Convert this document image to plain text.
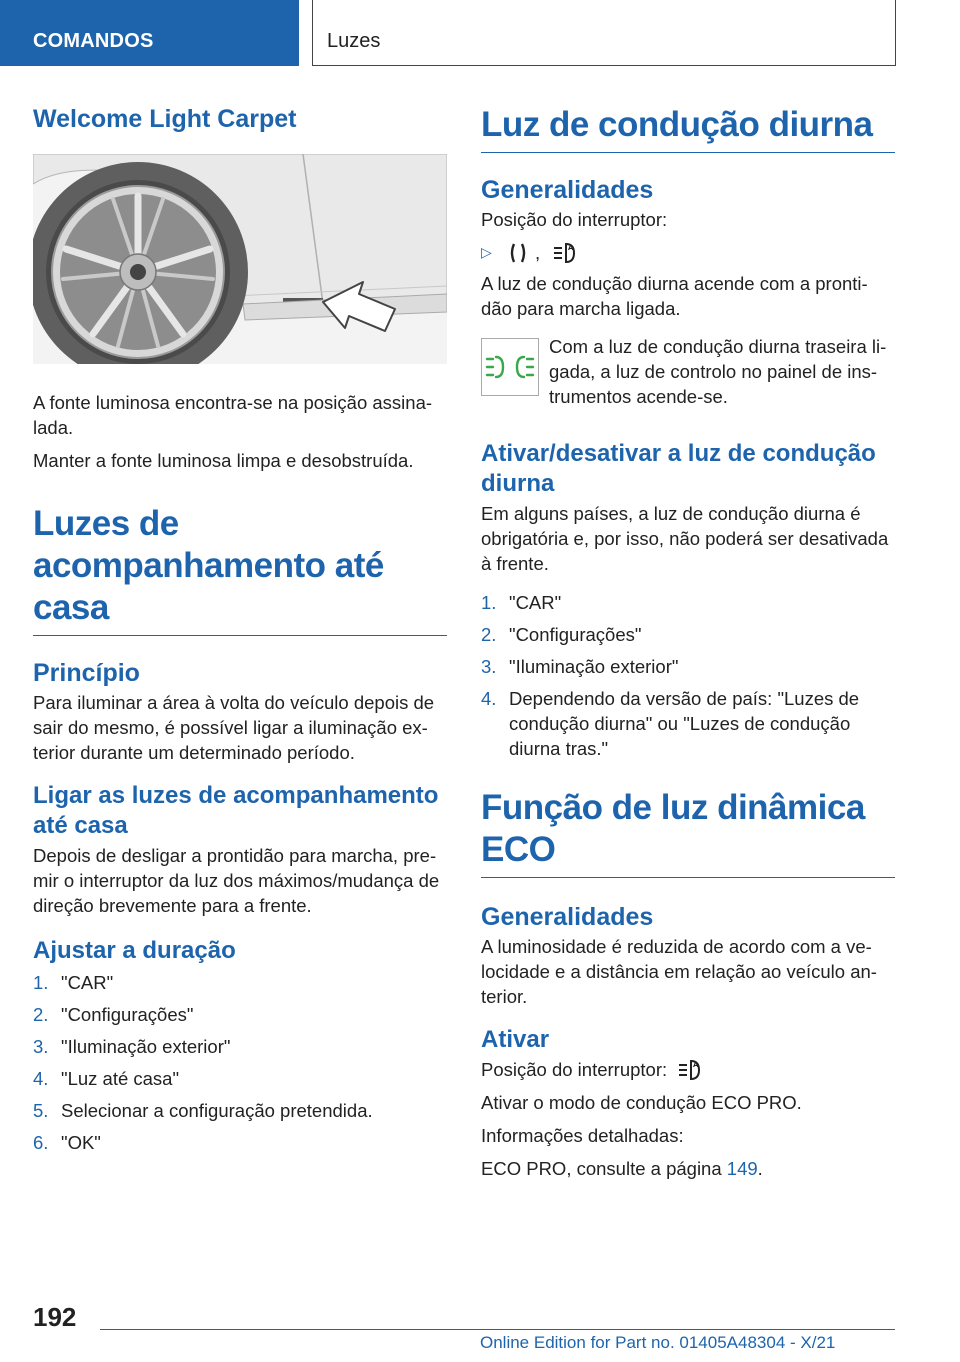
COMANDOS	Luzes
Welcome Light Carpet

A fonte luminosa encontra-se na posição assina-lada.

Manter a fonte luminosa limpa e desobstruída.

Luzes de acompanhamento até casa
Princípio

Para iluminar a área à volta do veículo depois de sair do mesmo, é possível ligar a iluminação ex-terior durante um determinado período.

Ligar as luzes de acompanhamento até casa

Depois de desligar a prontidão para marcha, pre-mir o interruptor da luz dos máximos/mudança de direção brevemente para a frente.

Ajustar a duração
1. "CAR"
2. "Configurações"
3. "Iluminação exterior"
4. "Luz até casa"
5. Selecionar a configuração pretendida.
6. "OK"
Luz de condução diurna
Generalidades

Posição do interruptor:

▷	,	A

A luz de condução diurna acende com a pronti-dão para marcha ligada.

Com a luz de condução diurna traseira li-gada, a luz de controlo no painel de ins-trumentos acende-se.

Ativar/desativar a luz de condução diurna

Em alguns países, a luz de condução diurna é obrigatória e, por isso, não poderá ser desativada à frente.

1. "CAR"
2. "Configurações"
3. "Iluminação exterior"
4. Dependendo da versão de país: "Luzes de condução diurna" ou "Luzes de condução diurna tras."
Função de luz dinâmica ECO
Generalidades

A luminosidade é reduzida de acordo com a ve-locidade e a distância em relação ao veículo an-terior.

Ativar
Posição do interruptor:	A

Ativar o modo de condução ECO PRO.

Informações detalhadas:

ECO PRO, consulte a página 149.

192
Online Edition for Part no. 01405A48304 - X/21
